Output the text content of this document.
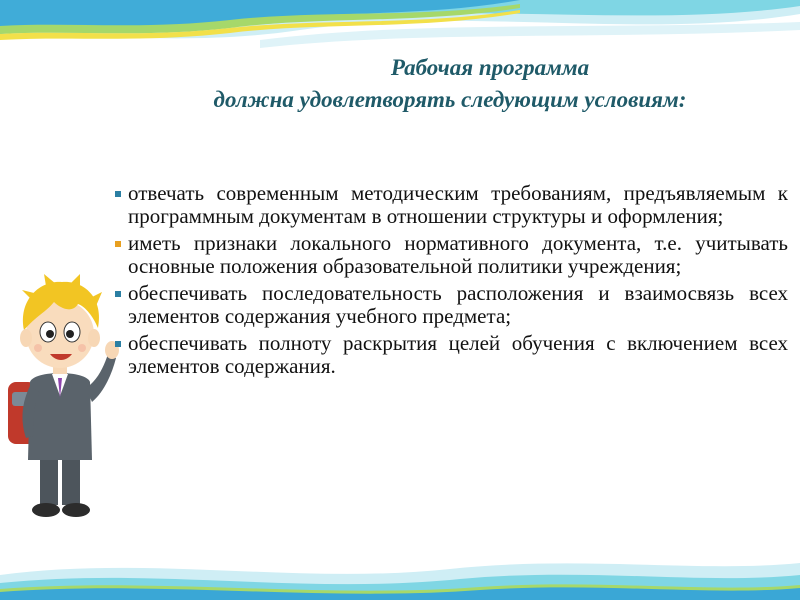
Рабочая программа
должна удовлетворять следующим условиям:
отвечать современным методическим требованиям, предъявляемым к программным документам в отношении структуры и оформления;
иметь признаки локального нормативного документа, т.е. учитывать основные положения образовательной политики учреждения;
обеспечивать последовательность расположения и взаимосвязь всех элементов содержания учебного предмета;
обеспечивать полноту раскрытия целей обучения с включением всех элементов содержания.
